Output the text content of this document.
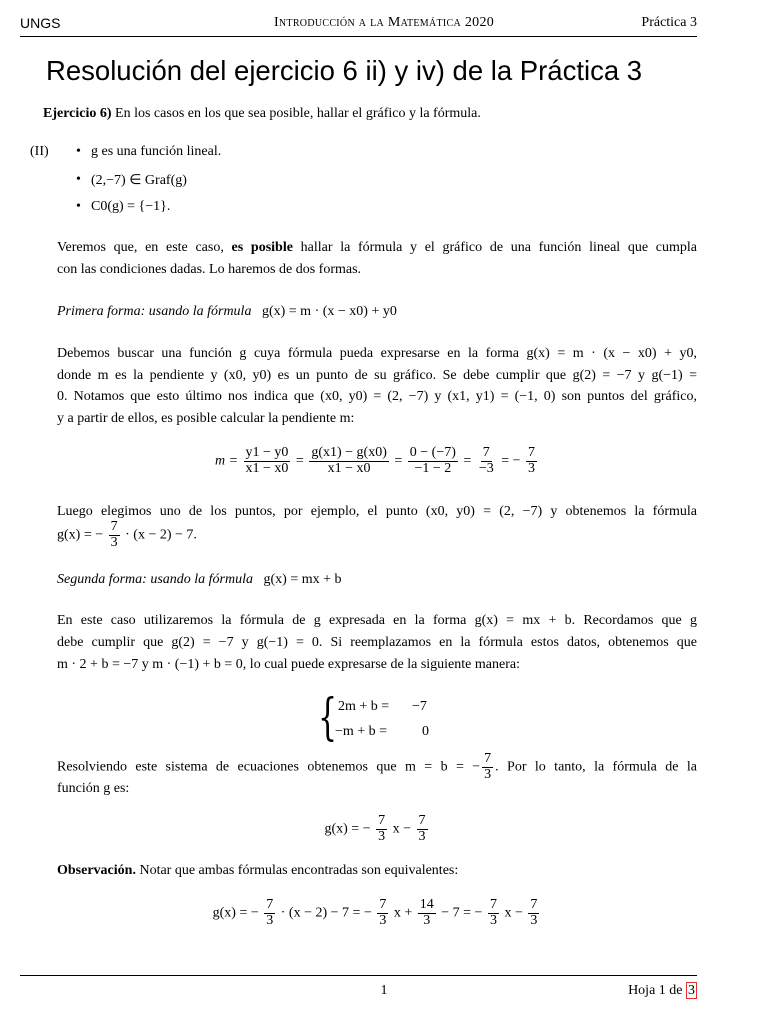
UNGS	Introducción a la Matemática 2020	Práctica 3
Resolución del ejercicio 6 ii) y iv) de la Práctica 3
Ejercicio 6) En los casos en los que sea posible, hallar el gráfico y la fórmula.
(II) • g es una función lineal.
• (2,−7) ∈ Graf(g)
• C0(g) = {−1}.
Veremos que, en este caso, es posible hallar la fórmula y el gráfico de una función lineal que cumpla
con las condiciones dadas. Lo haremos de dos formas.
Primera forma: usando la fórmula g(x) = m · (x − x0) + y0
Debemos buscar una función g cuya fórmula pueda expresarse en la forma g(x) = m · (x − x0) + y0,
donde m es la pendiente y (x0, y0) es un punto de su gráfico. Se debe cumplir que g(2) = −7 y g(−1) =
0. Notamos que esto último nos indica que (x0, y0) = (2, −7) y (x1, y1) = (−1, 0) son puntos del gráfico,
y a partir de ellos, es posible calcular la pendiente m:
$m = \frac{y1 - y0}{x1 - x0} = \frac{g(x1) - g(x0)}{x1 - x0} = \frac{0 - (-7)}{-1 - 2} = \frac{7}{-3}$ = − $\frac{7}{3}$
Luego elegimos uno de los puntos, por ejemplo, el punto (x0, y0) = (2, −7) y obtenemos la fórmula
g(x) = − $\frac{7}{3} \cdot (x - 2) - 7$.
Segunda forma: usando la fórmula g(x) = mx + b
En este caso utilizaremos la fórmula de g expresada en la forma g(x) = mx + b. Recordamos que g
debe cumplir que g(2) = −7 y g(−1) = 0. Si reemplazamos en la fórmula estos datos, obtenemos que
m · 2 + b = −7 y m · (−1) + b = 0, lo cual puede expresarse de la siguiente manera:
{ 2m + b = −7
−m + b = 0
Resolviendo este sistema de ecuaciones obtenemos que m = b = − $\frac{7}{3}$ . Por lo tanto, la fórmula de la
función g es:
g(x) = − $\frac{7}{3}$ $x - \frac{7}{3}$
Observación. Notar que ambas fórmulas encontradas son equivalentes:
g(x) = − $\frac{7}{3} \cdot (x - 2) - 7$ = − $\frac{7}{3}$ $x + \frac{14}{3} - 7$ = − $\frac{7}{3}$ $x - \frac{7}{3}$
1	Hoja 1 de 3
